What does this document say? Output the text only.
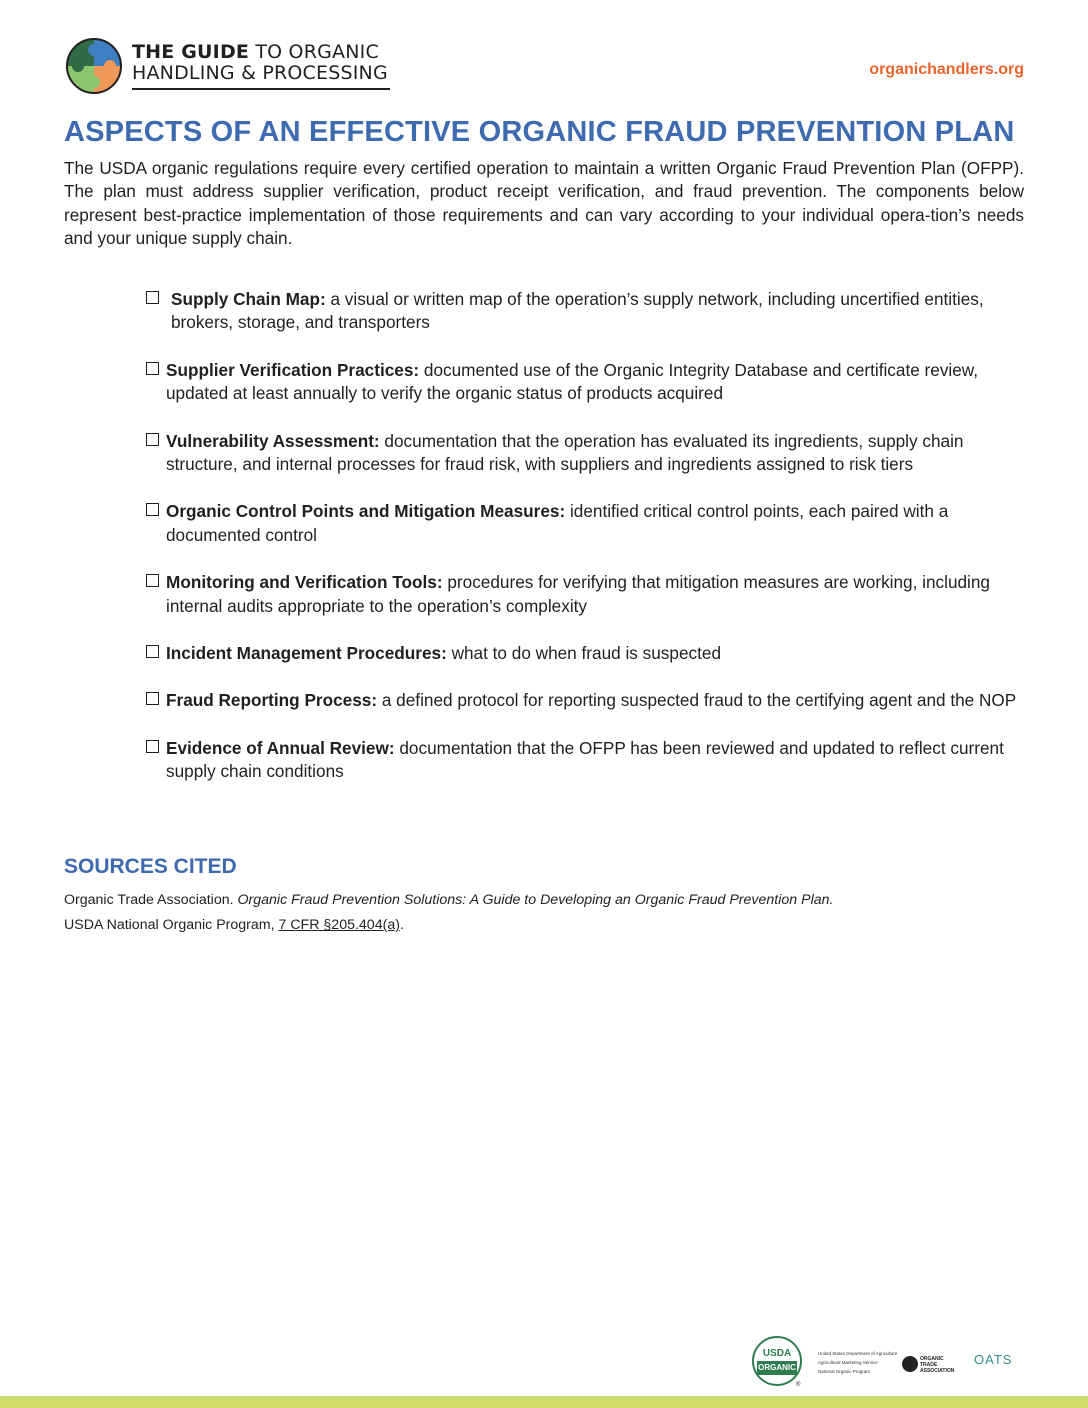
THE GUIDE TO ORGANIC
HANDLING & PROCESSING	organichandlers.org
ASPECTS OF AN EFFECTIVE ORGANIC FRAUD PREVENTION PLAN

The USDA organic regulations require every certified operation to maintain a written Organic Fraud Prevention Plan (OFPP). The plan must address supplier verification, product receipt verification, and fraud prevention. The components below represent best-practice implementation of those requirements and can vary according to your individual opera-tion’s needs and your unique supply chain.

Supply Chain Map: a visual or written map of the operation’s supply network, including uncertified entities, brokers, storage, and transporters
Supplier Verification Practices: documented use of the Organic Integrity Database and certificate review, updated at least annually to verify the organic status of products acquired
Vulnerability Assessment: documentation that the operation has evaluated its ingredients, supply chain structure, and internal processes for fraud risk, with suppliers and ingredients assigned to risk tiers
Organic Control Points and Mitigation Measures: identified critical control points, each paired with a documented control
Monitoring and Verification Tools: procedures for verifying that mitigation measures are working, including internal audits appropriate to the operation’s complexity
Incident Management Procedures: what to do when fraud is suspected
Fraud Reporting Process: a defined protocol for reporting suspected fraud to the certifying agent and the NOP
Evidence of Annual Review: documentation that the OFPP has been reviewed and updated to reflect current supply chain conditions
SOURCES CITED
Organic Trade Association. Organic Fraud Prevention Solutions: A Guide to Developing an Organic Fraud Prevention Plan.
USDA National Organic Program, 7 CFR §205.404(a).
USDA
ORGANIC
®
United States Department of Agriculture
Agricultural Marketing Service
National Organic Program
ORGANIC
TRADE
ASSOCIATION
OATS
